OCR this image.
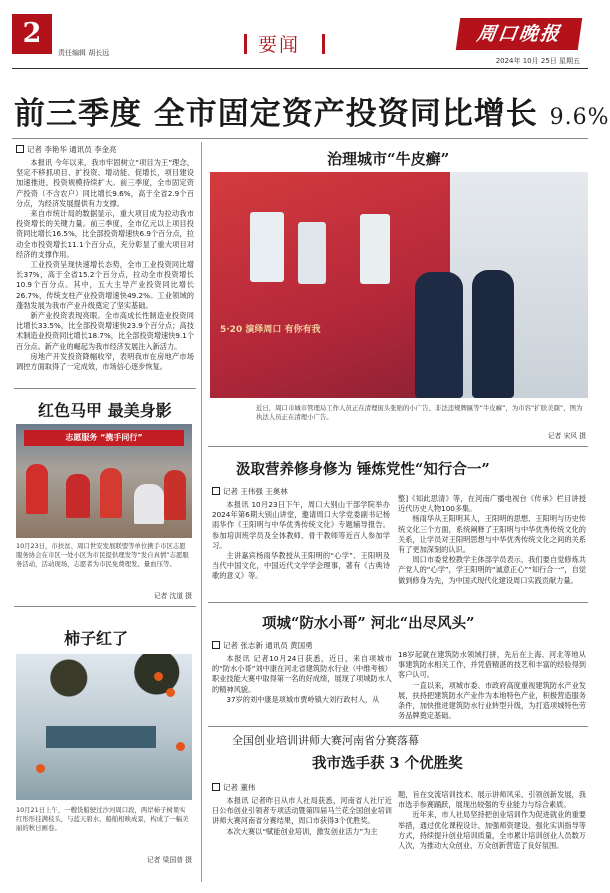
2
责任编辑 胡长远	要闻	周口晚报
2024年 10月 25日 星期五
前三季度 全市固定资产投资同比增长 9.6%
记者 李艳华 通讯员 李金亮

本报讯 今年以来，我市牢固树立“项目为王”理念，坚定不移抓项目、扩投资、增动能、促增长，项目建设加速推进，投资规模持续扩大。前三季度，全市固定资产投资（不含农户）同比增长9.6%，高于全省2.9个百分点，为经济发展提供有力支撑。

来自市统计局的数据显示，重大项目成为拉动我市投资增长的关键力量。前三季度，全市亿元以上项目投资同比增长16.5%，比全部投资增速快6.9个百分点，拉动全市投资增长11.1个百分点，充分彰显了重大项目对经济的支撑作用。

工业投资呈现快速增长态势，全市工业投资同比增长37%，高于全省15.2个百分点，拉动全市投资增长10.9个百分点。其中，五大主导产业投资同比增长26.7%，传统支柱产业投资增速快49.2%。工业领域的蓬勃发展为我市产业升级奠定了坚实基础。

新产业投资表现亮眼。全市高成长性制造业投资同比增长33.5%，比全部投资增速快23.9个百分点；高技术制造业投资同比增长18.7%，比全部投资增速快9.1个百分点。新产业的崛起为我市经济发展注入新活力。

房地产开发投资降幅收窄，表明我市在房地产市场调控方面取得了一定成效，市场信心逐步恢复。

红色马甲 最美身影
志愿服务 “携手同行”
10月23日，市扶贫、周口世安发展联盟等单位携手市区志愿服务协会在市区一处小区为市民提供理发等“发自真情”志愿服务活动，活动现场，志愿者为市民免费理发、量血压等。
记者 沈道 摄
柿子红了
10月21日上午，一艘货船驶过沙河周口段，两岸柿子树果实红彤彤挂满枝头，与蓝天碧水、船舶相映成景，构成了一幅美丽的秋日画卷。
记者 梁国普 摄
治理城市“牛皮癣”
5·20 演绎周口 有你有我
近日，周口市城市管理局工作人员正在清理街头张贴的小广告、非法违规牌匾等“牛皮癣”，为市容“扩肤美颜”，图为执法人员正在清理小广告。
记者 宋风 摄
汲取营养修身修为 锤炼党性“知行合一”
记者 王伟强 王奥林

本报讯 10月23日下午，周口大别山干部学院举办2024年第6期大别山讲堂，邀请周口大学党委副书记杨雨华作《王阳明与中华优秀传统文化》专题辅导报告。参加培训班学员及全体教师、骨干教师等近百人参加学习。

主讲嘉宾杨雨华教授从王阳明的“心学”、王阳明及当代中国文化，中国近代文学学会理事，著有《古典诗歌的意义》等。

整]《知此思清》等，在河南广播电视台《传承》栏目讲授近代历史人物100多集。

杨雨华从王阳明其人，王阳明的思想、王阳明与历史传统文化三个方面，系统阐释了王阳明与中华优秀传统文化的关系，让学员对王阳明思想与中华优秀传统文化之间的关系有了更加深刻的认识。

周口市委党校教学主体部学员表示，我们要自觉修炼共产党人的“心学”，学王阳明的“诚意正心”“知行合一”，自觉做到修身为先，为中国式现代化建设周口实践贡献力量。

项城“防水小哥” 河北“出尽风头”
记者 张志新 通讯员 黄国勇

本报讯 记者10月24日获悉，近日，来自项城市的“防水小哥”刘中康在河北省建筑防水行业（中维考核）职业技能大赛中取得第一名的好成绩，展现了项城防水人的精神风貌。

37岁的刘中康是项城市贾岭镇大刘行政村人，从

18岁起就在建筑防水领域打拼，先后在上海、河北等地从事建筑防水相关工作，并凭借精湛的技艺和丰富的经验得到客户认可。

一直以来，项城市委、市政府高度重视建筑防水产业发展，扶持把建筑防水产业作为本地特色产业，积极营造服务条件，加快推进建筑防水行业转型升级，为打造项城特色劳务品牌奠定基础。

全国创业培训讲师大赛河南省分赛落幕
我市选手获 3 个优胜奖
记者 董伟

本报讯 记者昨日从市人社局获悉，河南省人社厅近日公布创业引领者专项活动暨第四届马兰花全国创业培训讲师大赛河南省分赛结果，周口市获得3个优胜奖。

本次大赛以“赋能创业培训，激发创业活力”为主

题，旨在交流培训技术、展示讲师风采、引领创新发展，我市选手参赛踊跃，展现出较强的专业能力与综合素质。

近年来，市人社局坚持把创业培训作为促进就业的重要举措，通过优化课程设计、加强师资建设、强化实训指导等方式，持续提升创业培训质量，全市累计培训创业人员数万人次，为推动大众创业、万众创新营造了良好氛围。
